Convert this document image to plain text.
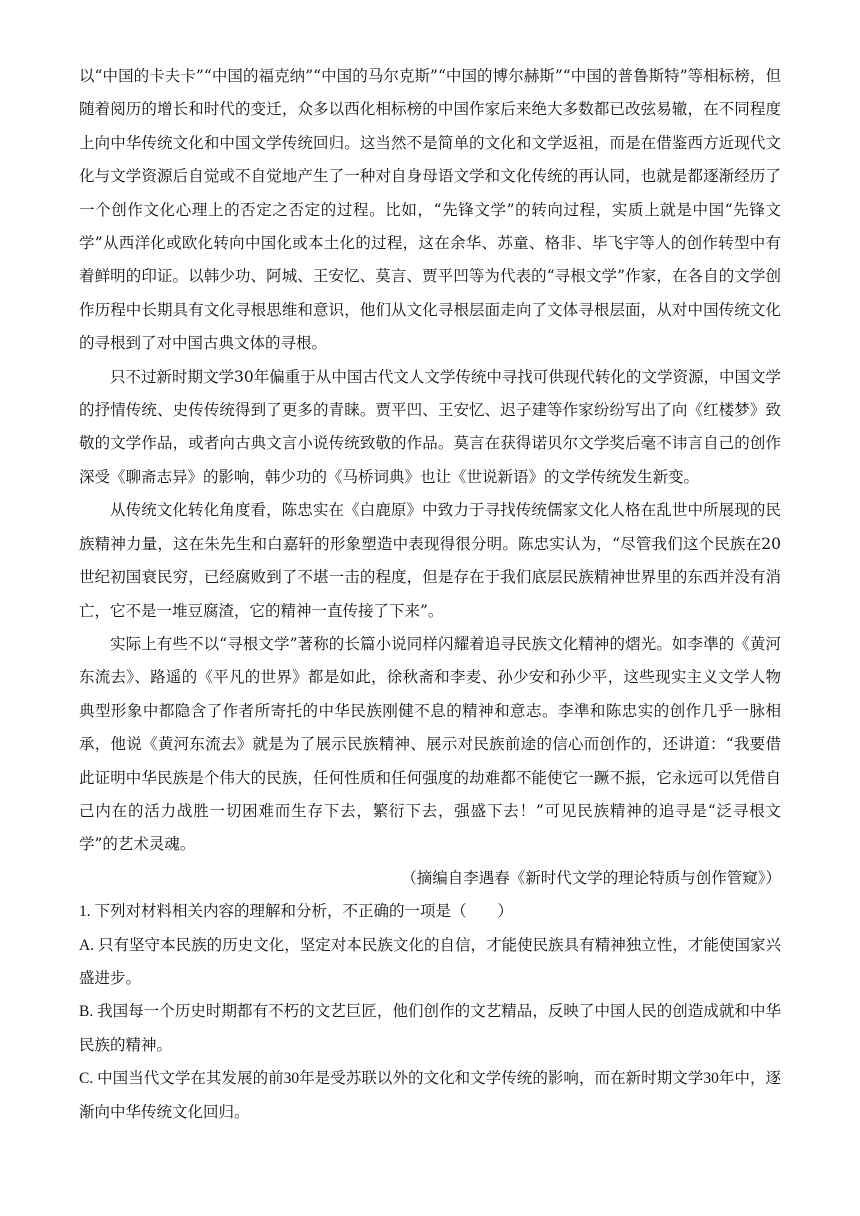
以“中国的卡夫卡”“中国的福克纳”“中国的马尔克斯”“中国的博尔赫斯”“中国的普鲁斯特”等相标榜，但随着阅历的增长和时代的变迁，众多以西化相标榜的中国作家后来绝大多数都已改弦易辙，在不同程度上向中华传统文化和中国文学传统回归。这当然不是简单的文化和文学返祖，而是在借鉴西方近现代文化与文学资源后自觉或不自觉地产生了一种对自身母语文学和文化传统的再认同，也就是都逐渐经历了一个创作文化心理上的否定之否定的过程。比如，“先锋文学”的转向过程，实质上就是中国“先锋文学”从西洋化或欧化转向中国化或本土化的过程，这在余华、苏童、格非、毕飞宇等人的创作转型中有着鲜明的印证。以韩少功、阿城、王安忆、莫言、贾平凹等为代表的“寻根文学”作家，在各自的文学创作历程中长期具有文化寻根思维和意识，他们从文化寻根层面走向了文体寻根层面，从对中国传统文化的寻根到了对中国古典文体的寻根。

只不过新时期文学30年偏重于从中国古代文人文学传统中寻找可供现代转化的文学资源，中国文学的抒情传统、史传传统得到了更多的青睐。贾平凹、王安忆、迟子建等作家纷纷写出了向《红楼梦》致敬的文学作品，或者向古典文言小说传统致敬的作品。莫言在获得诺贝尔文学奖后毫不讳言自己的创作深受《聊斋志异》的影响，韩少功的《马桥词典》也让《世说新语》的文学传统发生新变。

从传统文化转化角度看，陈忠实在《白鹿原》中致力于寻找传统儒家文化人格在乱世中所展现的民族精神力量，这在朱先生和白嘉轩的形象塑造中表现得很分明。陈忠实认为，“尽管我们这个民族在20世纪初国衰民穷，已经腐败到了不堪一击的程度，但是存在于我们底层民族精神世界里的东西并没有消亡，它不是一堆豆腐渣，它的精神一直传接了下来”。

实际上有些不以“寻根文学”著称的长篇小说同样闪耀着追寻民族文化精神的熠光。如李凖的《黄河东流去》、路遥的《平凡的世界》都是如此，徐秋斋和李麦、孙少安和孙少平，这些现实主义文学人物典型形象中都隐含了作者所寄托的中华民族刚健不息的精神和意志。李凖和陈忠实的创作几乎一脉相承，他说《黄河东流去》就是为了展示民族精神、展示对民族前途的信心而创作的，还讲道：“我要借此证明中华民族是个伟大的民族，任何性质和任何强度的劫难都不能使它一蹶不振，它永远可以凭借自己内在的活力战胜一切困难而生存下去，繁衍下去，强盛下去！”可见民族精神的追寻是“泛寻根文学”的艺术灵魂。

（摘编自李遇春《新时代文学的理论特质与创作管窥》）

1. 下列对材料相关内容的理解和分析，不正确的一项是（　　）

A. 只有坚守本民族的历史文化，坚定对本民族文化的自信，才能使民族具有精神独立性，才能使国家兴盛进步。

B. 我国每一个历史时期都有不朽的文艺巨匠，他们创作的文艺精品，反映了中国人民的创造成就和中华民族的精神。

C. 中国当代文学在其发展的前30年是受苏联以外的文化和文学传统的影响，而在新时期文学30年中，逐渐向中华传统文化回归。
